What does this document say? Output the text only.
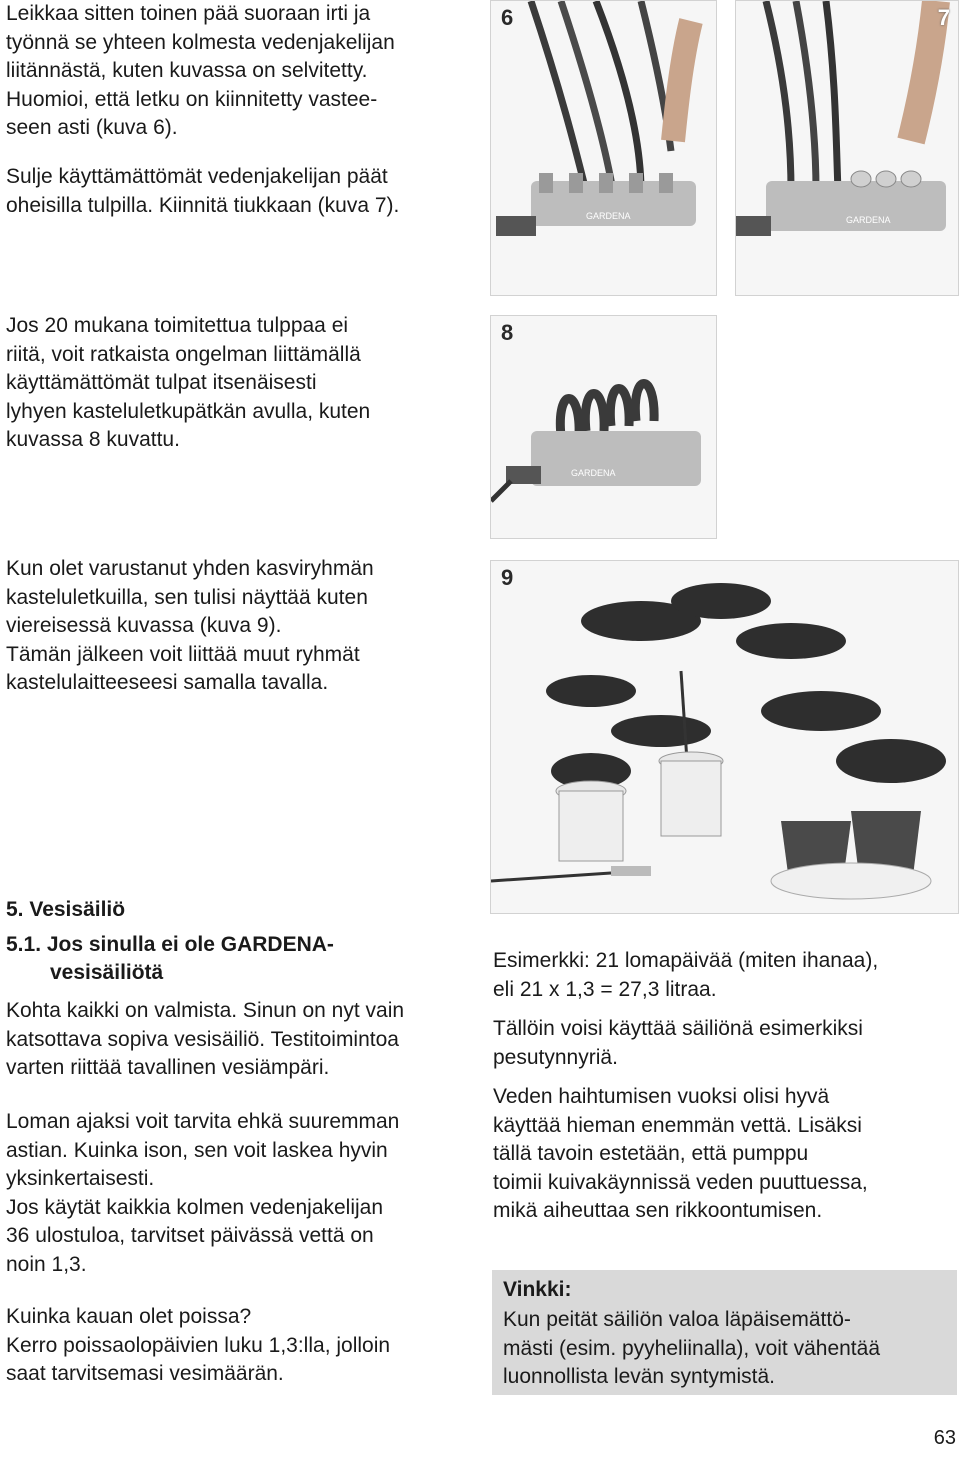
Leikkaa sitten toinen pää suoraan irti ja
työnnä se yhteen kolmesta vedenjakelijan
liitännästä, kuten kuvassa on selvitetty.
Huomioi, että letku on kiinnitetty vastee-
seen asti (kuva 6).

Sulje käyttämättömät vedenjakelijan päät
oheisilla tulpilla. Kiinnitä tiukkaan (kuva 7).

Jos 20 mukana toimitettua tulppaa ei
riitä, voit ratkaista ongelman liittämällä
käyttämättömät tulpat itsenäisesti
lyhyen kasteluletkupätkän avulla, kuten
kuvassa 8 kuvattu.

Kun olet varustanut yhden kasviryhmän
kasteluletkuilla, sen tulisi näyttää kuten
viereisessä kuvassa (kuva 9).
Tämän jälkeen voit liittää muut ryhmät
kastelulaitteeseesi samalla tavalla.

6
GARDENA
7
GARDENA
8
GARDENA
9
5. Vesisäiliö
5.1. Jos sinulla ei ole GARDENA-
vesisäiliötä

Kohta kaikki on valmista. Sinun on nyt vain
katsottava sopiva vesisäiliö. Testitoimintoa
varten riittää tavallinen vesiämpäri.

Loman ajaksi voit tarvita ehkä suuremman
astian. Kuinka ison, sen voit laskea hyvin
yksinkertaisesti.
Jos käytät kaikkia kolmen vedenjakelijan
36 ulostuloa, tarvitset päivässä vettä on
noin 1,3.

Kuinka kauan olet poissa?
Kerro poissaolopäivien luku 1,3:lla, jolloin
saat tarvitsemasi vesimäärän.

Esimerkki: 21 lomapäivää (miten ihanaa),
eli 21 x 1,3 = 27,3 litraa.

Tällöin voisi käyttää säiliönä esimerkiksi
pesutynnyriä.

Veden haihtumisen vuoksi olisi hyvä
käyttää hieman enemmän vettä. Lisäksi
tällä tavoin estetään, että pumppu
toimii kuivakäynnissä veden puuttuessa,
mikä aiheuttaa sen rikkoontumisen.

Vinkki:
Kun peität säiliön valoa läpäisemättö-
mästi (esim. pyyheliinalla), voit vähentää
luonnollista levän syntymistä.
63
